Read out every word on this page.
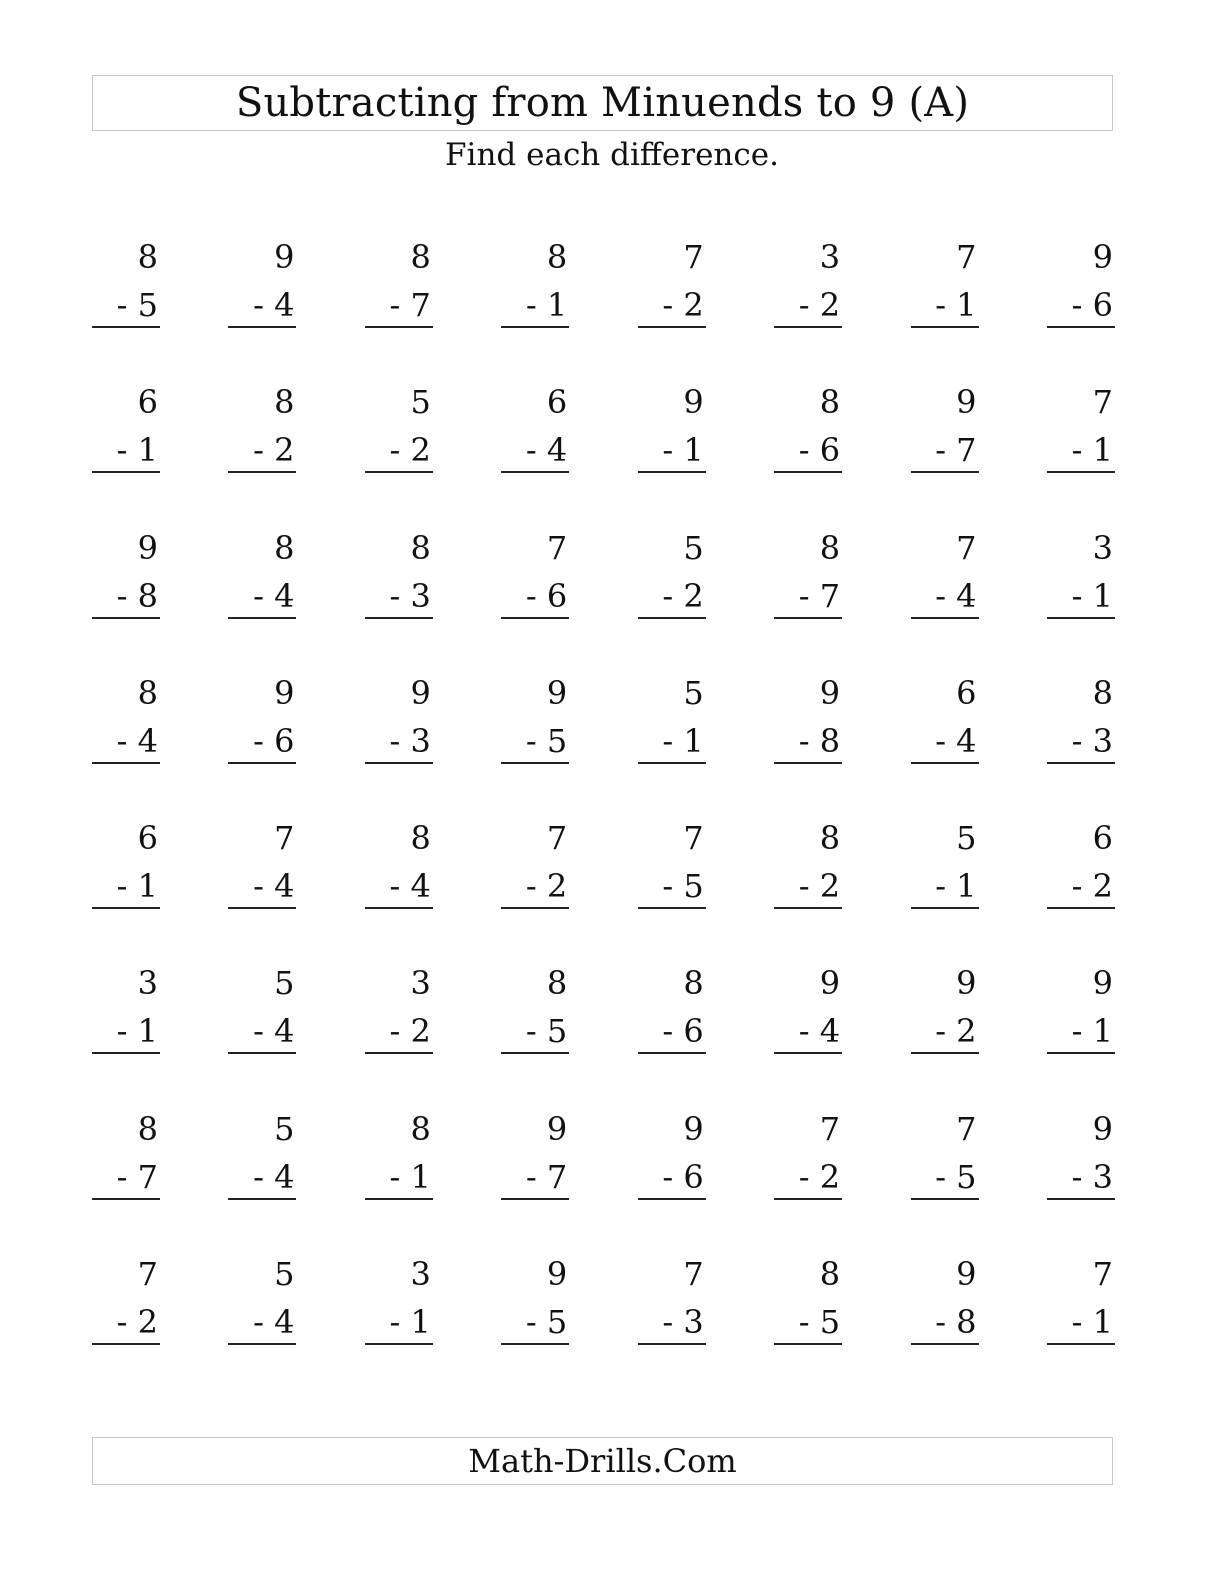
Subtracting from Minuends to 9 (A)
Find each difference.
8
- 5
9
- 4
8
- 7
8
- 1
7
- 2
3
- 2
7
- 1
9
- 6
6
- 1
8
- 2
5
- 2
6
- 4
9
- 1
8
- 6
9
- 7
7
- 1
9
- 8
8
- 4
8
- 3
7
- 6
5
- 2
8
- 7
7
- 4
3
- 1
8
- 4
9
- 6
9
- 3
9
- 5
5
- 1
9
- 8
6
- 4
8
- 3
6
- 1
7
- 4
8
- 4
7
- 2
7
- 5
8
- 2
5
- 1
6
- 2
3
- 1
5
- 4
3
- 2
8
- 5
8
- 6
9
- 4
9
- 2
9
- 1
8
- 7
5
- 4
8
- 1
9
- 7
9
- 6
7
- 2
7
- 5
9
- 3
7
- 2
5
- 4
3
- 1
9
- 5
7
- 3
8
- 5
9
- 8
7
- 1
Math-Drills.Com
